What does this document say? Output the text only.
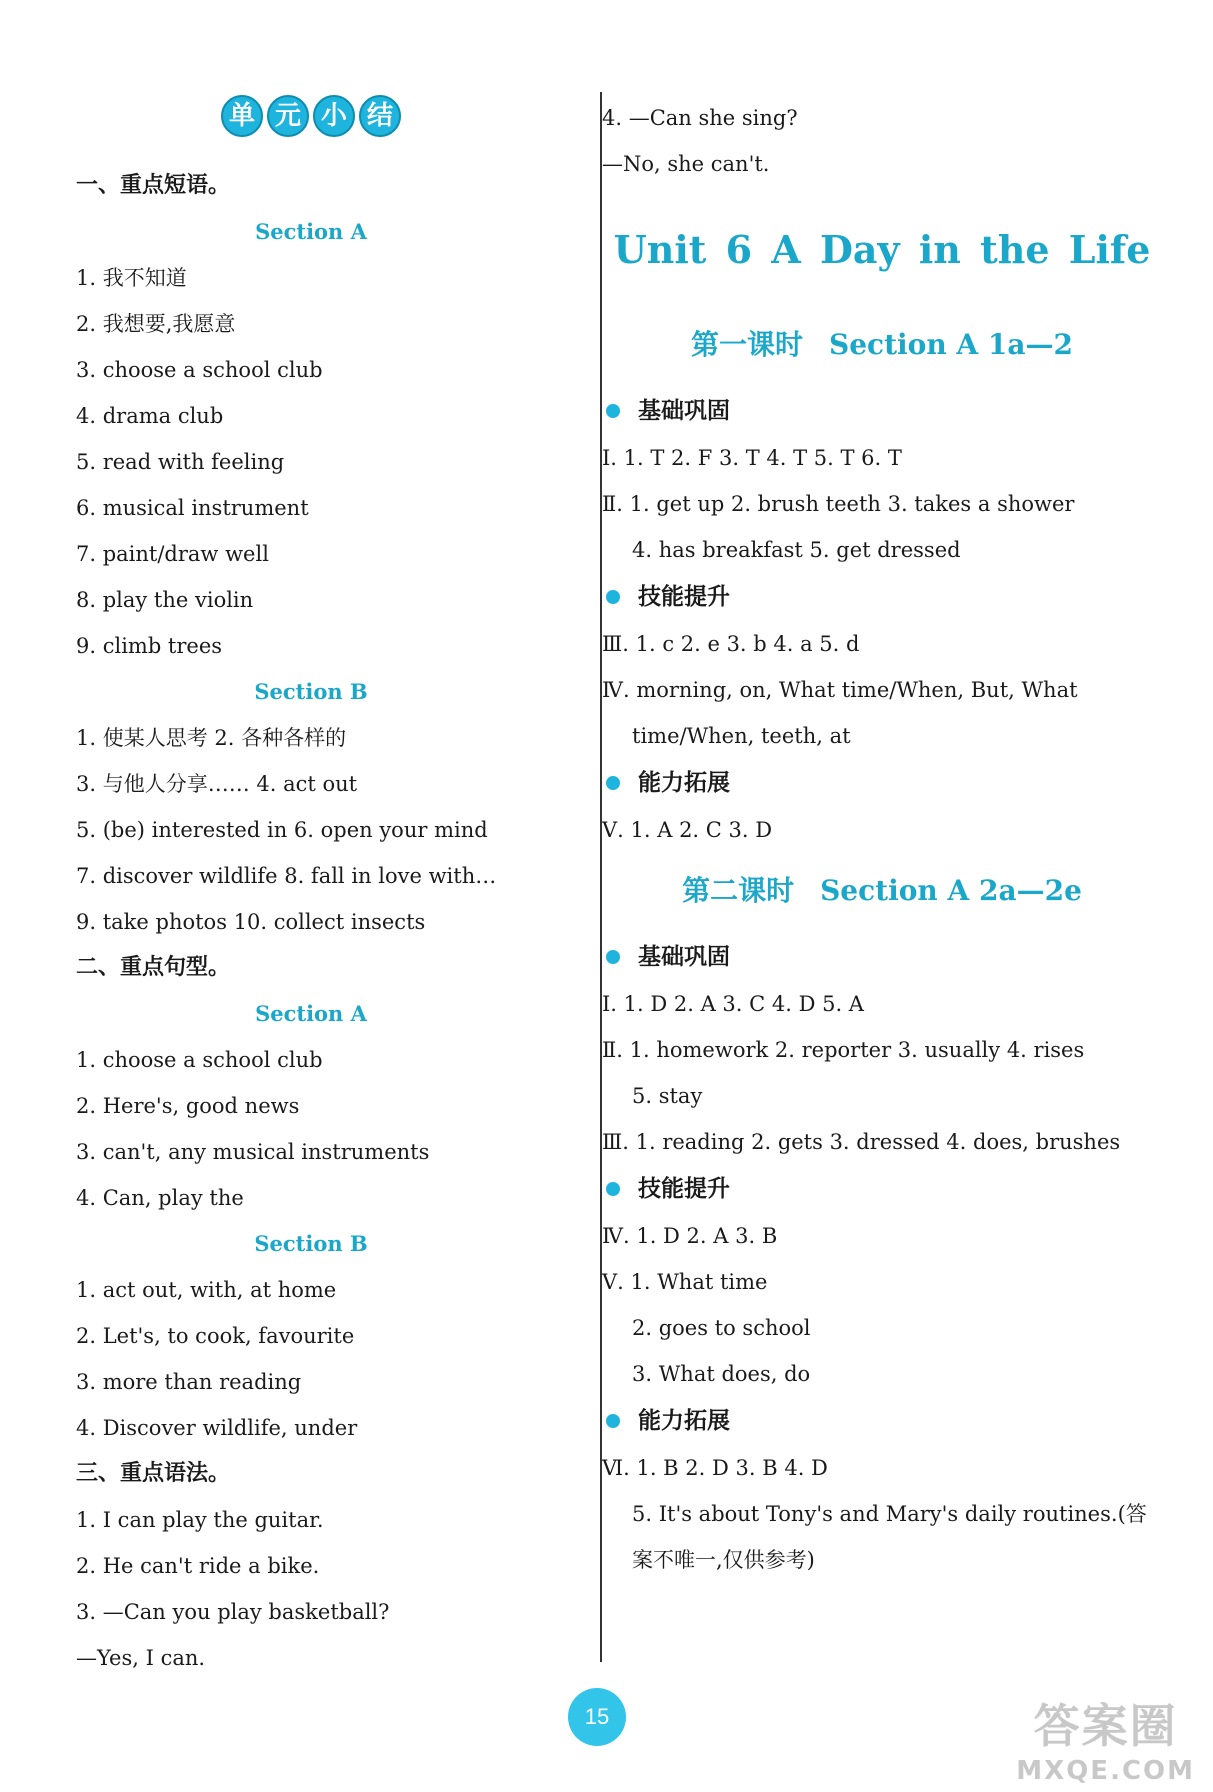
单 元 小 结
一、重点短语。
Section A
1. 我不知道
2. 我想要,我愿意
3. choose a school club
4. drama club
5. read with feeling
6. musical instrument
7. paint/draw well
8. play the violin
9. climb trees
Section B
1. 使某人思考 2. 各种各样的
3. 与他人分享…… 4. act out
5. (be) interested in 6. open your mind
7. discover wildlife 8. fall in love with…
9. take photos 10. collect insects
二、重点句型。
Section A
1. choose a school club
2. Here's, good news
3. can't, any musical instruments
4. Can, play the
Section B
1. act out, with, at home
2. Let's, to cook, favourite
3. more than reading
4. Discover wildlife, under
三、重点语法。
1. I can play the guitar.
2. He can't ride a bike.
3. —Can you play basketball?
—Yes, I can.
4. —Can she sing?
—No, she can't.
Unit 6 A Day in the Life
第一课时 Section A 1a—2
基础巩固
Ⅰ. 1. T 2. F 3. T 4. T 5. T 6. T
Ⅱ. 1. get up 2. brush teeth 3. takes a shower
4. has breakfast 5. get dressed
技能提升
Ⅲ. 1. c 2. e 3. b 4. a 5. d
Ⅳ. morning, on, What time/When, But, What
time/When, teeth, at
能力拓展
Ⅴ. 1. A 2. C 3. D
第二课时 Section A 2a—2e
基础巩固
Ⅰ. 1. D 2. A 3. C 4. D 5. A
Ⅱ. 1. homework 2. reporter 3. usually 4. rises
5. stay
Ⅲ. 1. reading 2. gets 3. dressed 4. does, brushes
技能提升
Ⅳ. 1. D 2. A 3. B
Ⅴ. 1. What time
2. goes to school
3. What does, do
能力拓展
Ⅵ. 1. B 2. D 3. B 4. D
5. It's about Tony's and Mary's daily routines.(答
案不唯一,仅供参考)
15	答案圈
MXQE.COM
